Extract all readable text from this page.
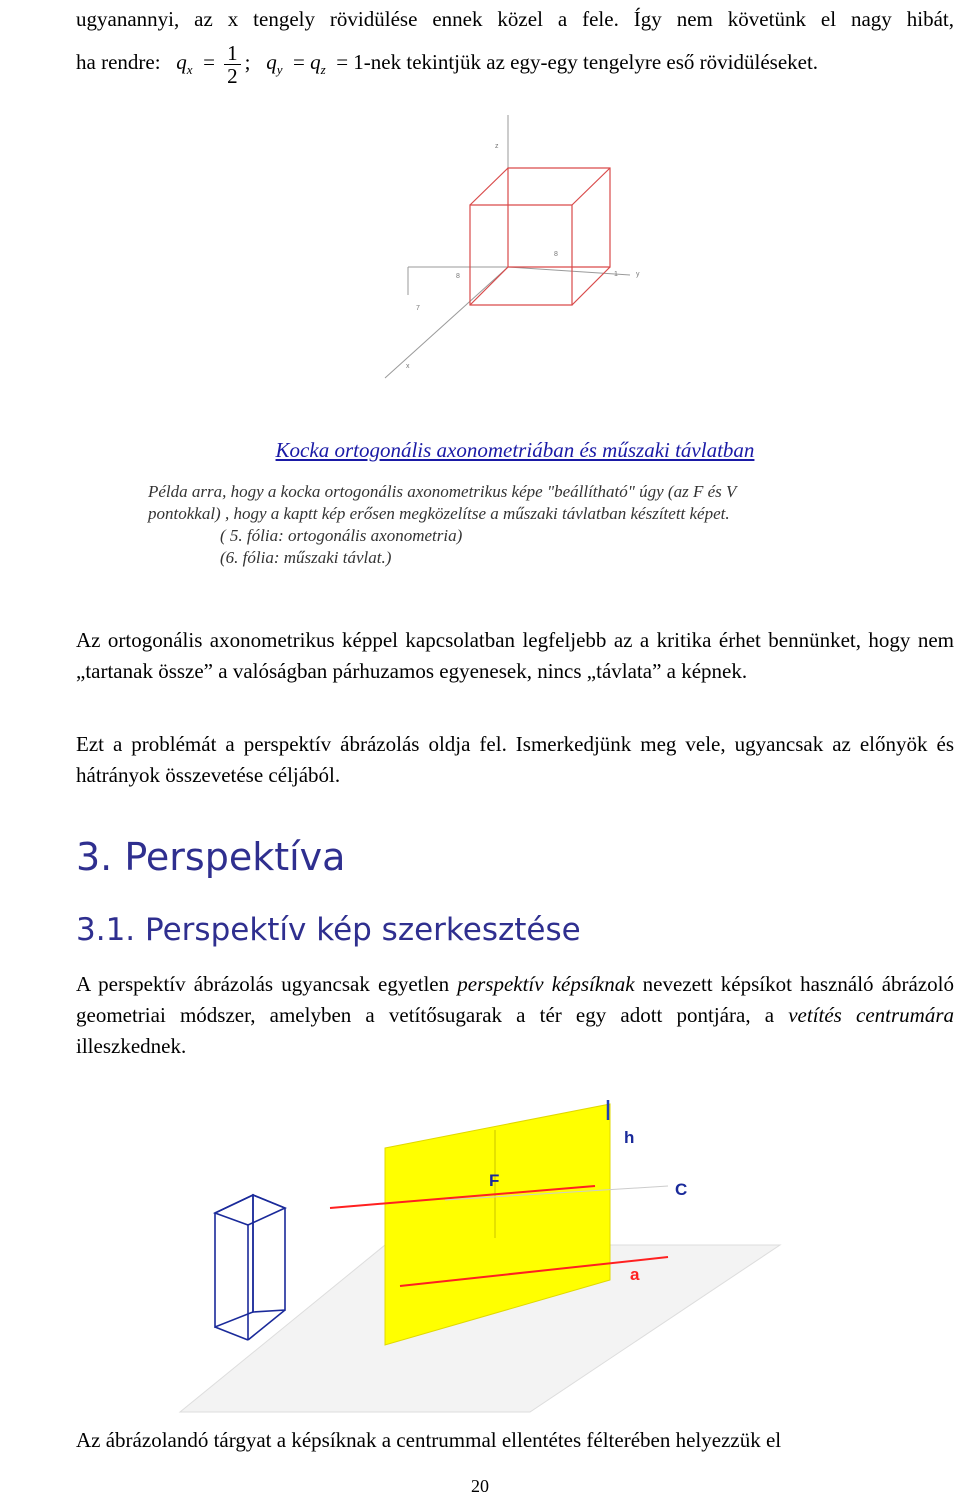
ugyanannyi, az x tengely rövidülése ennek közel a fele. Így nem követünk el nagy hibát,
ha rendre: $q_x = \frac{1}{2}$ ; $q_y = q_z = 1-nek$ tekintjük az egy-egy tengelyre eső rövidüléseket.
z
y
x
8
8	1
7
Kocka ortogonális axonometriában és műszaki távlatban
Példa arra, hogy a kocka ortogonális axonometrikus képe "beállítható" úgy (az F és V
pontokkal) , hogy a kaptt kép erősen megközelítse a műszaki távlatban készített képet.
( 5. fólia: ortogonális axonometria)
(6. fólia: műszaki távlat.)
Az ortogonális axonometrikus képpel kapcsolatban legfeljebb az a kritika érhet bennünket, hogy nem „tartanak össze” a valóságban párhuzamos egyenesek, nincs „távlata” a képnek.
Ezt a problémát a perspektív ábrázolás oldja fel. Ismerkedjünk meg vele, ugyancsak az előnyök és hátrányok összevetése céljából.
3. Perspektíva
3.1. Perspektív kép szerkesztése
A perspektív ábrázolás ugyancsak egyetlen perspektív képsíknak nevezett képsíkot használó ábrázoló geometriai módszer, amelyben a vetítősugarak a tér egy adott pontjára, a vetítés centrumára illeszkednek.
h
F	C
a
Az ábrázolandó tárgyat a képsíknak a centrummal ellentétes félterében helyezzük el
20
